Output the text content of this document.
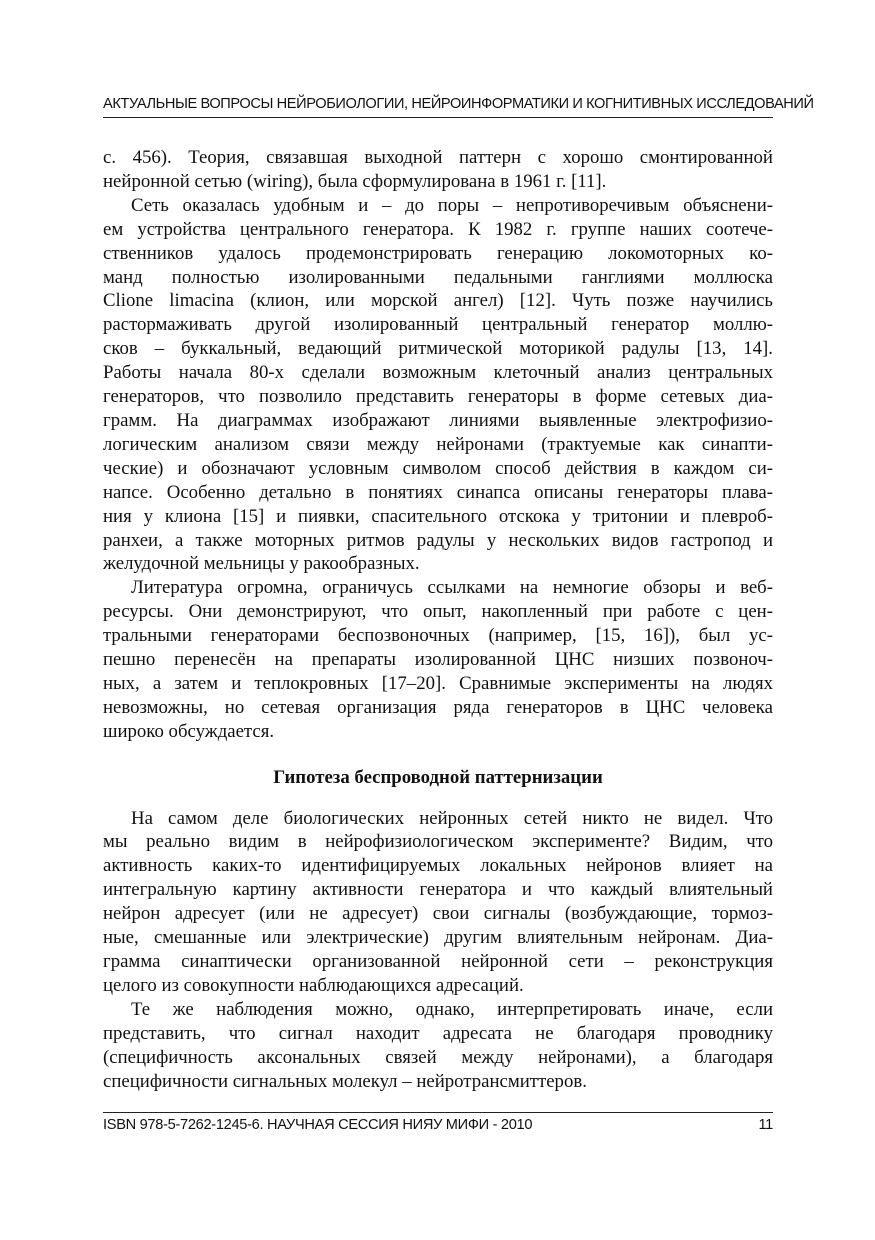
АКТУАЛЬНЫЕ ВОПРОСЫ НЕЙРОБИОЛОГИИ, НЕЙРОИНФОРМАТИКИ И КОГНИТИВНЫХ ИССЛЕДОВАНИЙ
с. 456). Теория, связавшая выходной паттерн с хорошо смонтированной
нейронной сетью (wiring), была сформулирована в 1961 г. [11].
Сеть оказалась удобным и – до поры – непротиворечивым объяснени-
ем устройства центрального генератора. К 1982 г. группе наших соотече-
ственников удалось продемонстрировать генерацию локомоторных ко-
манд полностью изолированными педальными ганглиями моллюска
Clione limacina (клион, или морской ангел) [12]. Чуть позже научились
растормаживать другой изолированный центральный генератор моллю-
сков – буккальный, ведающий ритмической моторикой радулы [13, 14].
Работы начала 80-х сделали возможным клеточный анализ центральных
генераторов, что позволило представить генераторы в форме сетевых диа-
грамм. На диаграммах изображают линиями выявленные электрофизио-
логическим анализом связи между нейронами (трактуемые как синапти-
ческие) и обозначают условным символом способ действия в каждом си-
напсе. Особенно детально в понятиях синапса описаны генераторы плава-
ния у клиона [15] и пиявки, спасительного отскока у тритонии и плевроб-
ранхеи, а также моторных ритмов радулы у нескольких видов гастропод и
желудочной мельницы у ракообразных.
Литература огромна, ограничусь ссылками на немногие обзоры и веб-
ресурсы. Они демонстрируют, что опыт, накопленный при работе с цен-
тральными генераторами беспозвоночных (например, [15, 16]), был ус-
пешно перенесён на препараты изолированной ЦНС низших позвоноч-
ных, а затем и теплокровных [17–20]. Сравнимые эксперименты на людях
невозможны, но сетевая организация ряда генераторов в ЦНС человека
широко обсуждается.
Гипотеза беспроводной паттернизации
На самом деле биологических нейронных сетей никто не видел. Что
мы реально видим в нейрофизиологическом эксперименте? Видим, что
активность каких-то идентифицируемых локальных нейронов влияет на
интегральную картину активности генератора и что каждый влиятельный
нейрон адресует (или не адресует) свои сигналы (возбуждающие, тормоз-
ные, смешанные или электрические) другим влиятельным нейронам. Диа-
грамма синаптически организованной нейронной сети – реконструкция
целого из совокупности наблюдающихся адресаций.
Те же наблюдения можно, однако, интерпретировать иначе, если
представить, что сигнал находит адресата не благодаря проводнику
(специфичность аксональных связей между нейронами), а благодаря
специфичности сигнальных молекул – нейротрансмиттеров.
ISBN 978-5-7262-1245-6. НАУЧНАЯ СЕССИЯ НИЯУ МИФИ - 2010	11
